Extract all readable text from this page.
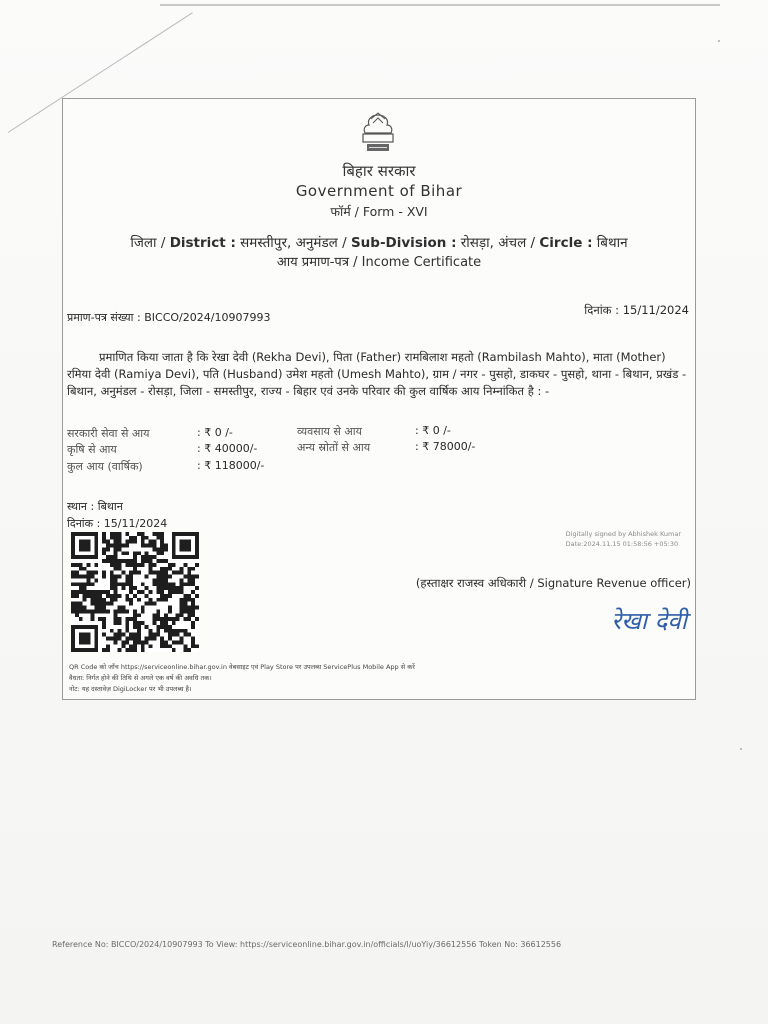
बिहार सरकार
Government of Bihar
फॉर्म / Form - XVI
जिला / District : समस्तीपुर, अनुमंडल / Sub-Division : रोसड़ा, अंचल / Circle : बिथान
आय प्रमाण-पत्र / Income Certificate
प्रमाण-पत्र संख्या : BICCO/2024/10907993
दिनांक : 15/11/2024
प्रमाणित किया जाता है कि रेखा देवी (Rekha Devi), पिता (Father) रामबिलाश महतो (Rambilash Mahto), माता (Mother) रमिया देवी (Ramiya Devi), पति (Husband) उमेश महतो (Umesh Mahto), ग्राम / नगर - पुसहो, डाकघर - पुसहो, थाना - बिथान, प्रखंड - बिथान, अनुमंडल - रोसड़ा, जिला - समस्तीपुर, राज्य - बिहार एवं उनके परिवार की कुल वार्षिक आय निम्नांकित है : -
सरकारी सेवा से आय	: ₹ 0 /-	व्यवसाय से आय	: ₹ 0 /-
कृषि से आय	: ₹ 40000/-	अन्य स्रोतों से आय	: ₹ 78000/-
कुल आय (वार्षिक)	: ₹ 118000/-
स्थान : बिथान
दिनांक : 15/11/2024
Digitally signed by Abhishek Kumar
Date:2024.11.15 01:58:56 +05:30
(हस्ताक्षर राजस्व अधिकारी / Signature Revenue officer)
रेखा देवी
QR Code को जाँच https://serviceonline.bihar.gov.in वेबसाइट एवं Play Store पर उपलब्ध ServicePlus Mobile App से करें
वैधता: निर्गत होने की तिथि से अगले एक वर्ष की अवधि तक।
नोट: यह दस्तावेज़ DigiLocker पर भी उपलब्ध है।
Reference No: BICCO/2024/10907993 To View: https://serviceonline.bihar.gov.in/officials/l/uoYiy/36612556 Token No: 36612556
